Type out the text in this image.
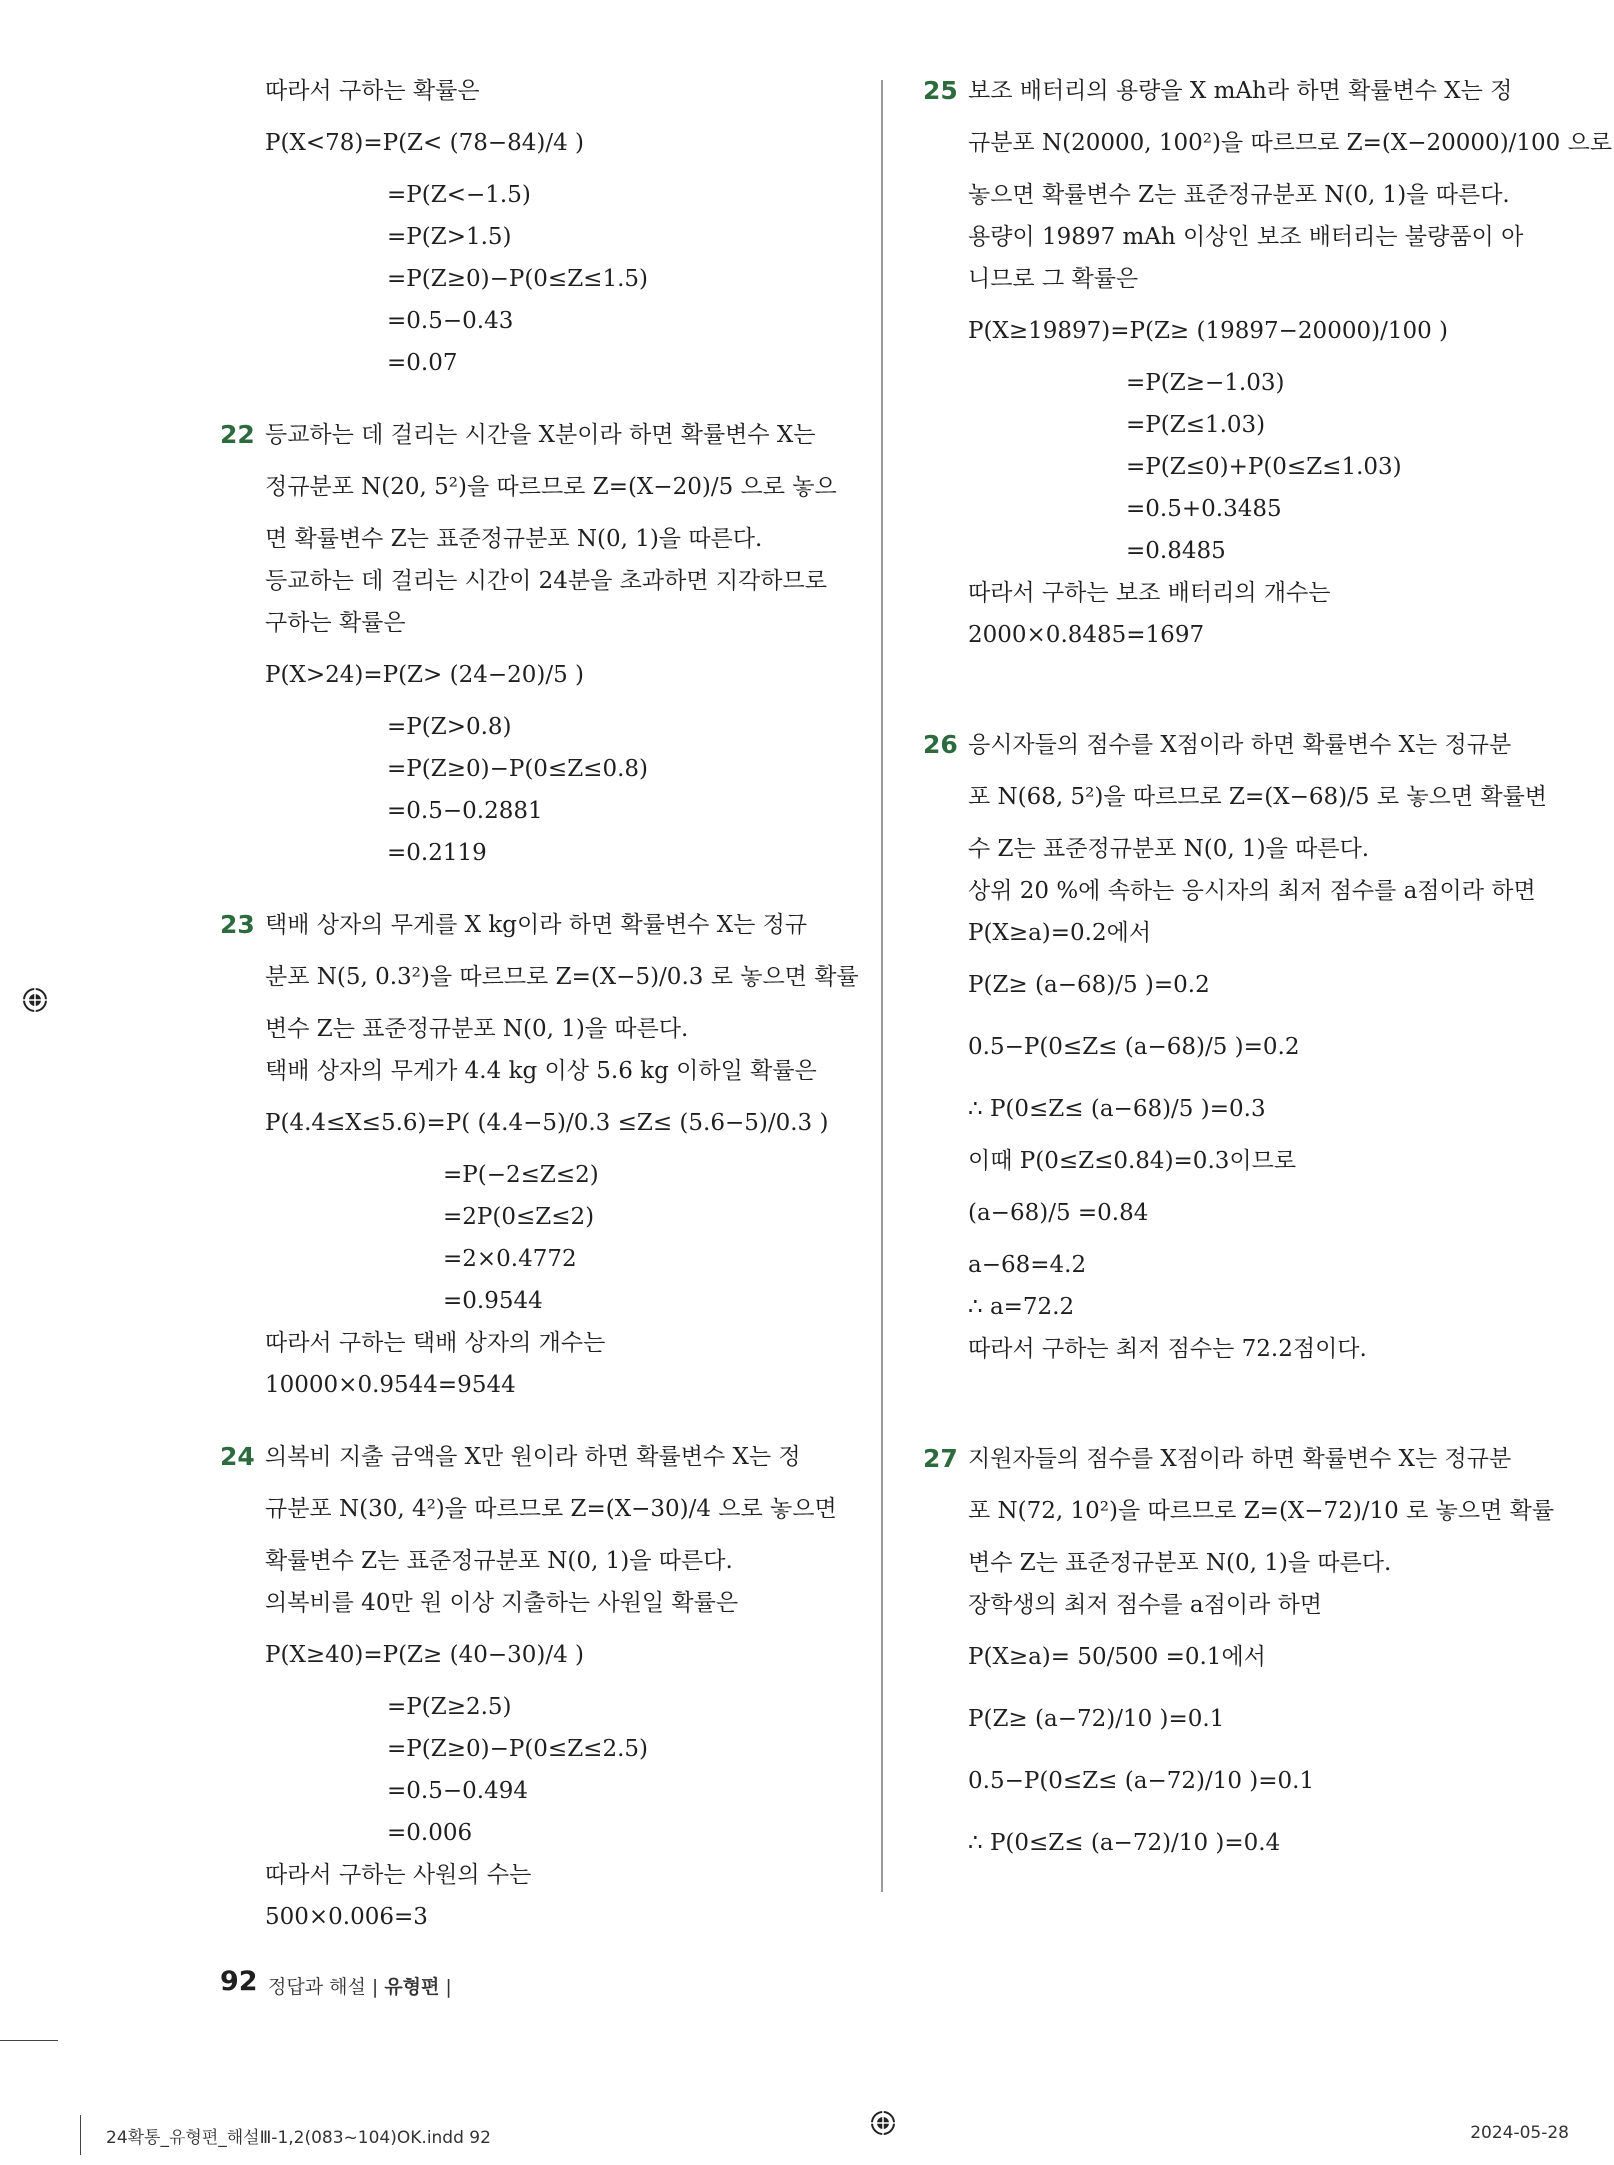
따라서 구하는 확률은
P(X<78)=P(Z< (78−84)/4 )
=P(Z<−1.5)
=P(Z>1.5)
=P(Z≥0)−P(0≤Z≤1.5)
=0.5−0.43
=0.07
22 등교하는 데 걸리는 시간을 X분이라 하면 확률변수 X는
정규분포 N(20, 5²)을 따르므로 Z=(X−20)/5 으로 놓으
면 확률변수 Z는 표준정규분포 N(0, 1)을 따른다.
등교하는 데 걸리는 시간이 24분을 초과하면 지각하므로
구하는 확률은
P(X>24)=P(Z> (24−20)/5 )
=P(Z>0.8)
=P(Z≥0)−P(0≤Z≤0.8)
=0.5−0.2881
=0.2119
23 택배 상자의 무게를 X kg이라 하면 확률변수 X는 정규
분포 N(5, 0.3²)을 따르므로 Z=(X−5)/0.3 로 놓으면 확률
변수 Z는 표준정규분포 N(0, 1)을 따른다.
택배 상자의 무게가 4.4 kg 이상 5.6 kg 이하일 확률은
P(4.4≤X≤5.6)=P( (4.4−5)/0.3 ≤Z≤ (5.6−5)/0.3 )
=P(−2≤Z≤2)
=2P(0≤Z≤2)
=2×0.4772
=0.9544
따라서 구하는 택배 상자의 개수는
10000×0.9544=9544
24 의복비 지출 금액을 X만 원이라 하면 확률변수 X는 정
규분포 N(30, 4²)을 따르므로 Z=(X−30)/4 으로 놓으면
확률변수 Z는 표준정규분포 N(0, 1)을 따른다.
의복비를 40만 원 이상 지출하는 사원일 확률은
P(X≥40)=P(Z≥ (40−30)/4 )
=P(Z≥2.5)
=P(Z≥0)−P(0≤Z≤2.5)
=0.5−0.494
=0.006
따라서 구하는 사원의 수는
500×0.006=3
25 보조 배터리의 용량을 X mAh라 하면 확률변수 X는 정
규분포 N(20000, 100²)을 따르므로 Z=(X−20000)/100 으로
놓으면 확률변수 Z는 표준정규분포 N(0, 1)을 따른다.
용량이 19897 mAh 이상인 보조 배터리는 불량품이 아
니므로 그 확률은
P(X≥19897)=P(Z≥ (19897−20000)/100 )
=P(Z≥−1.03)
=P(Z≤1.03)
=P(Z≤0)+P(0≤Z≤1.03)
=0.5+0.3485
=0.8485
따라서 구하는 보조 배터리의 개수는
2000×0.8485=1697
26 응시자들의 점수를 X점이라 하면 확률변수 X는 정규분
포 N(68, 5²)을 따르므로 Z=(X−68)/5 로 놓으면 확률변
수 Z는 표준정규분포 N(0, 1)을 따른다.
상위 20 %에 속하는 응시자의 최저 점수를 a점이라 하면
P(X≥a)=0.2에서
P(Z≥ (a−68)/5 )=0.2
0.5−P(0≤Z≤ (a−68)/5 )=0.2
∴ P(0≤Z≤ (a−68)/5 )=0.3
이때 P(0≤Z≤0.84)=0.3이므로
(a−68)/5 =0.84
a−68=4.2
∴ a=72.2
따라서 구하는 최저 점수는 72.2점이다.
27 지원자들의 점수를 X점이라 하면 확률변수 X는 정규분
포 N(72, 10²)을 따르므로 Z=(X−72)/10 로 놓으면 확률
변수 Z는 표준정규분포 N(0, 1)을 따른다.
장학생의 최저 점수를 a점이라 하면
P(X≥a)= 50/500 =0.1에서
P(Z≥ (a−72)/10 )=0.1
0.5−P(0≤Z≤ (a−72)/10 )=0.1
∴ P(0≤Z≤ (a−72)/10 )=0.4
92 정답과 해설 | 유형편 |
24확통_유형편_해설Ⅲ-1,2(083~104)OK.indd 92	2024-05-28
